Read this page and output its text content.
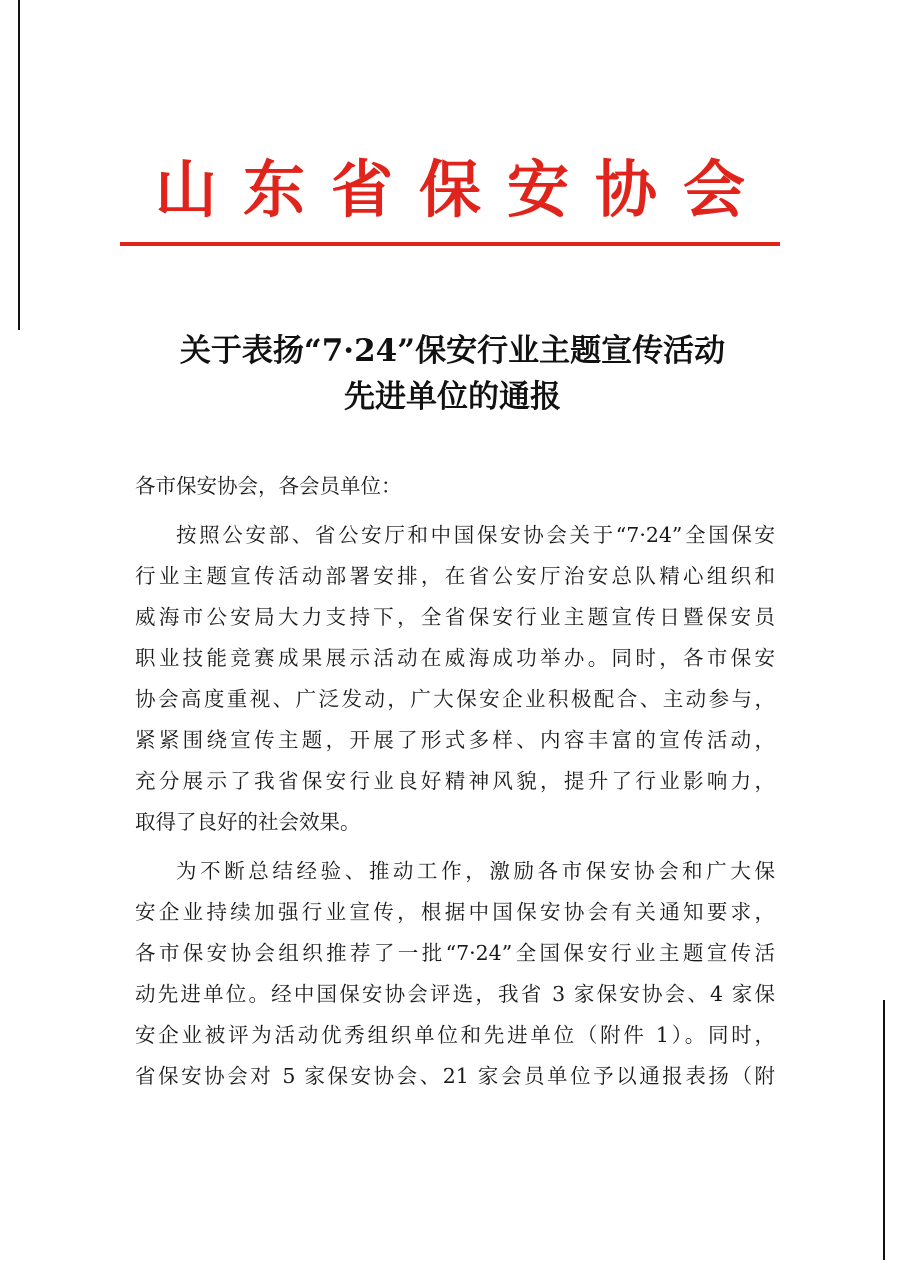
山东省保安协会
关于表扬“7·24”保安行业主题宣传活动
先进单位的通报

各市保安协会，各会员单位：

按照公安部、省公安厅和中国保安协会关于“7·24”全国保安

行业主题宣传活动部署安排，在省公安厅治安总队精心组织和

威海市公安局大力支持下，全省保安行业主题宣传日暨保安员

职业技能竞赛成果展示活动在威海成功举办。同时，各市保安

协会高度重视、广泛发动，广大保安企业积极配合、主动参与，

紧紧围绕宣传主题，开展了形式多样、内容丰富的宣传活动，

充分展示了我省保安行业良好精神风貌，提升了行业影响力，

取得了良好的社会效果。

为不断总结经验、推动工作，激励各市保安协会和广大保

安企业持续加强行业宣传，根据中国保安协会有关通知要求，

各市保安协会组织推荐了一批“7·24”全国保安行业主题宣传活

动先进单位。经中国保安协会评选，我省 3 家保安协会、4 家保

安企业被评为活动优秀组织单位和先进单位（附件 1）。同时，

省保安协会对 5 家保安协会、21 家会员单位予以通报表扬（附
